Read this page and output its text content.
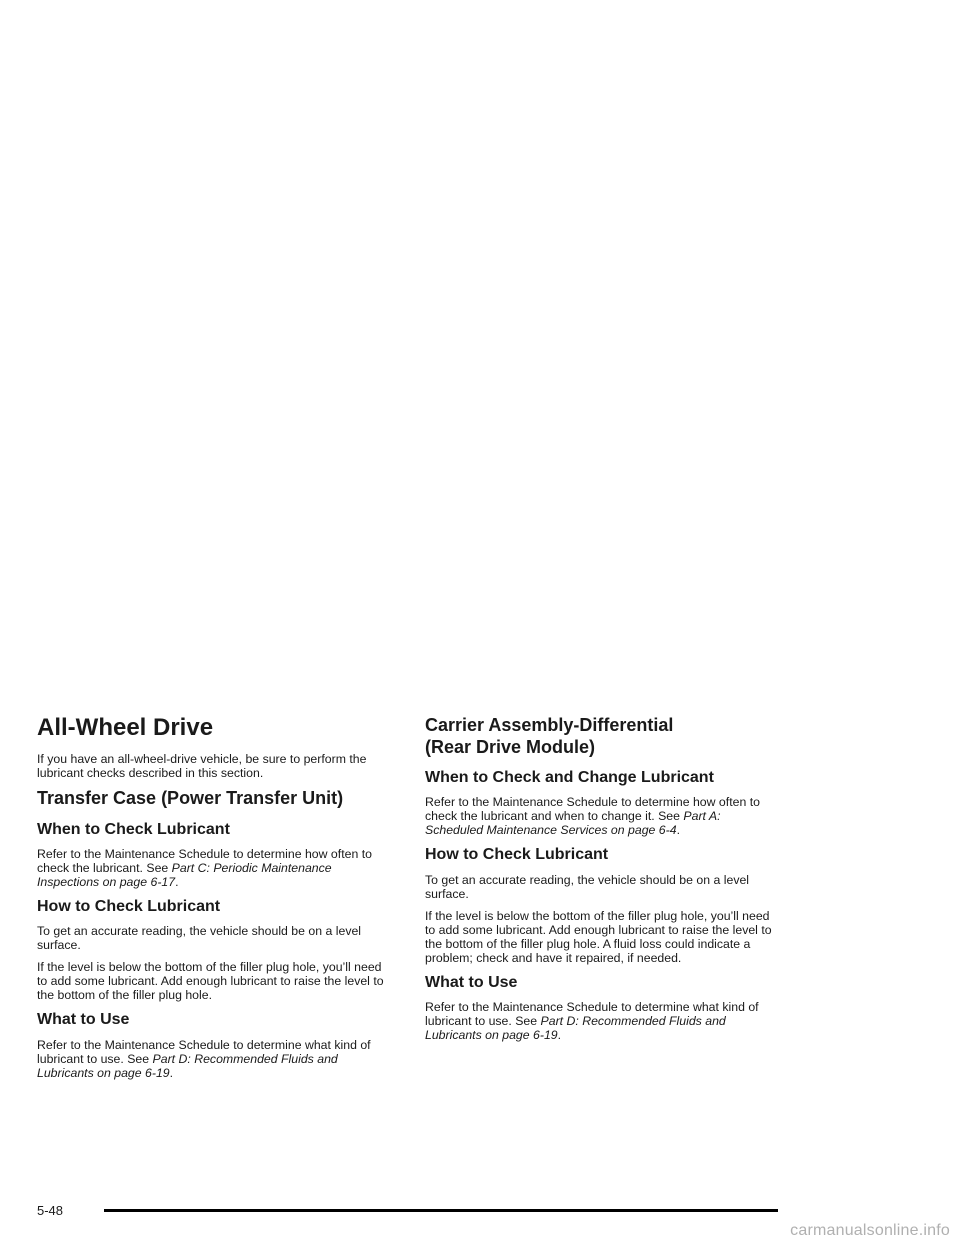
All-Wheel Drive

If you have an all-wheel-drive vehicle, be sure to perform the lubricant checks described in this section.

Transfer Case (Power Transfer Unit)
When to Check Lubricant

Refer to the Maintenance Schedule to determine how often to check the lubricant. See Part C: Periodic Maintenance Inspections on page 6-17.

How to Check Lubricant

To get an accurate reading, the vehicle should be on a level surface.

If the level is below the bottom of the filler plug hole, you’ll need to add some lubricant. Add enough lubricant to raise the level to the bottom of the filler plug hole.

What to Use

Refer to the Maintenance Schedule to determine what kind of lubricant to use. See Part D: Recommended Fluids and Lubricants on page 6-19.

Carrier Assembly-Differential
(Rear Drive Module)
When to Check and Change Lubricant

Refer to the Maintenance Schedule to determine how often to check the lubricant and when to change it. See Part A: Scheduled Maintenance Services on page 6-4.

How to Check Lubricant

To get an accurate reading, the vehicle should be on a level surface.

If the level is below the bottom of the filler plug hole, you’ll need to add some lubricant. Add enough lubricant to raise the level to the bottom of the filler plug hole. A fluid loss could indicate a problem; check and have it repaired, if needed.

What to Use

Refer to the Maintenance Schedule to determine what kind of lubricant to use. See Part D: Recommended Fluids and Lubricants on page 6-19.

5-48
carmanualsonline.info
